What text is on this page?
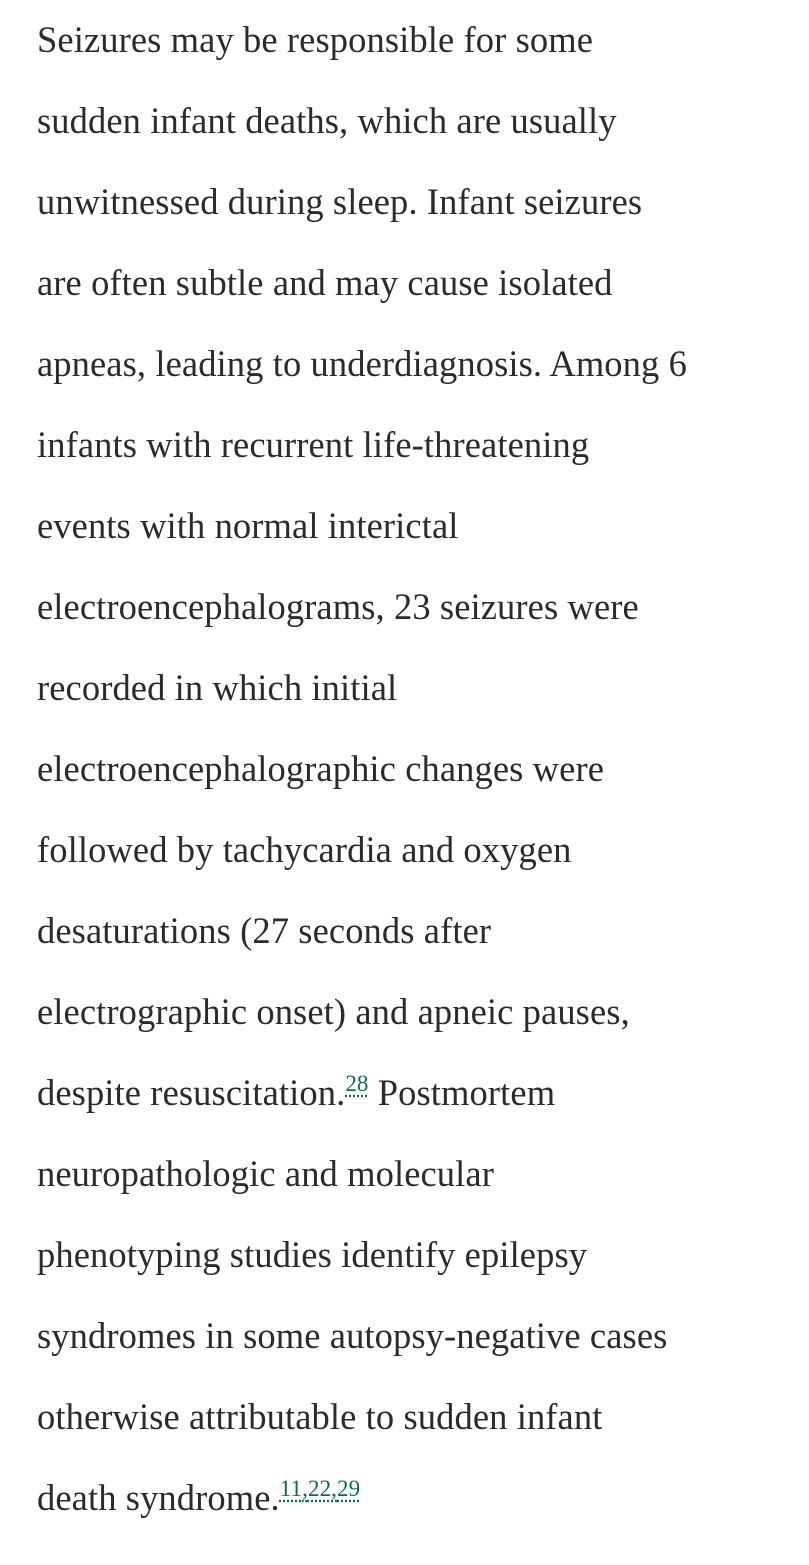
Seizures may be responsible for some
sudden infant deaths, which are usually
unwitnessed during sleep. Infant seizures
are often subtle and may cause isolated
apneas, leading to underdiagnosis. Among 6
infants with recurrent life-threatening
events with normal interictal
electroencephalograms, 23 seizures were
recorded in which initial
electroencephalographic changes were
followed by tachycardia and oxygen
desaturations (27 seconds after
electrographic onset) and apneic pauses,
despite resuscitation.$^{28}$ Postmortem
neuropathologic and molecular
phenotyping studies identify epilepsy
syndromes in some autopsy-negative cases
otherwise attributable to sudden infant
death syndrome.$^{11,22,29}$
